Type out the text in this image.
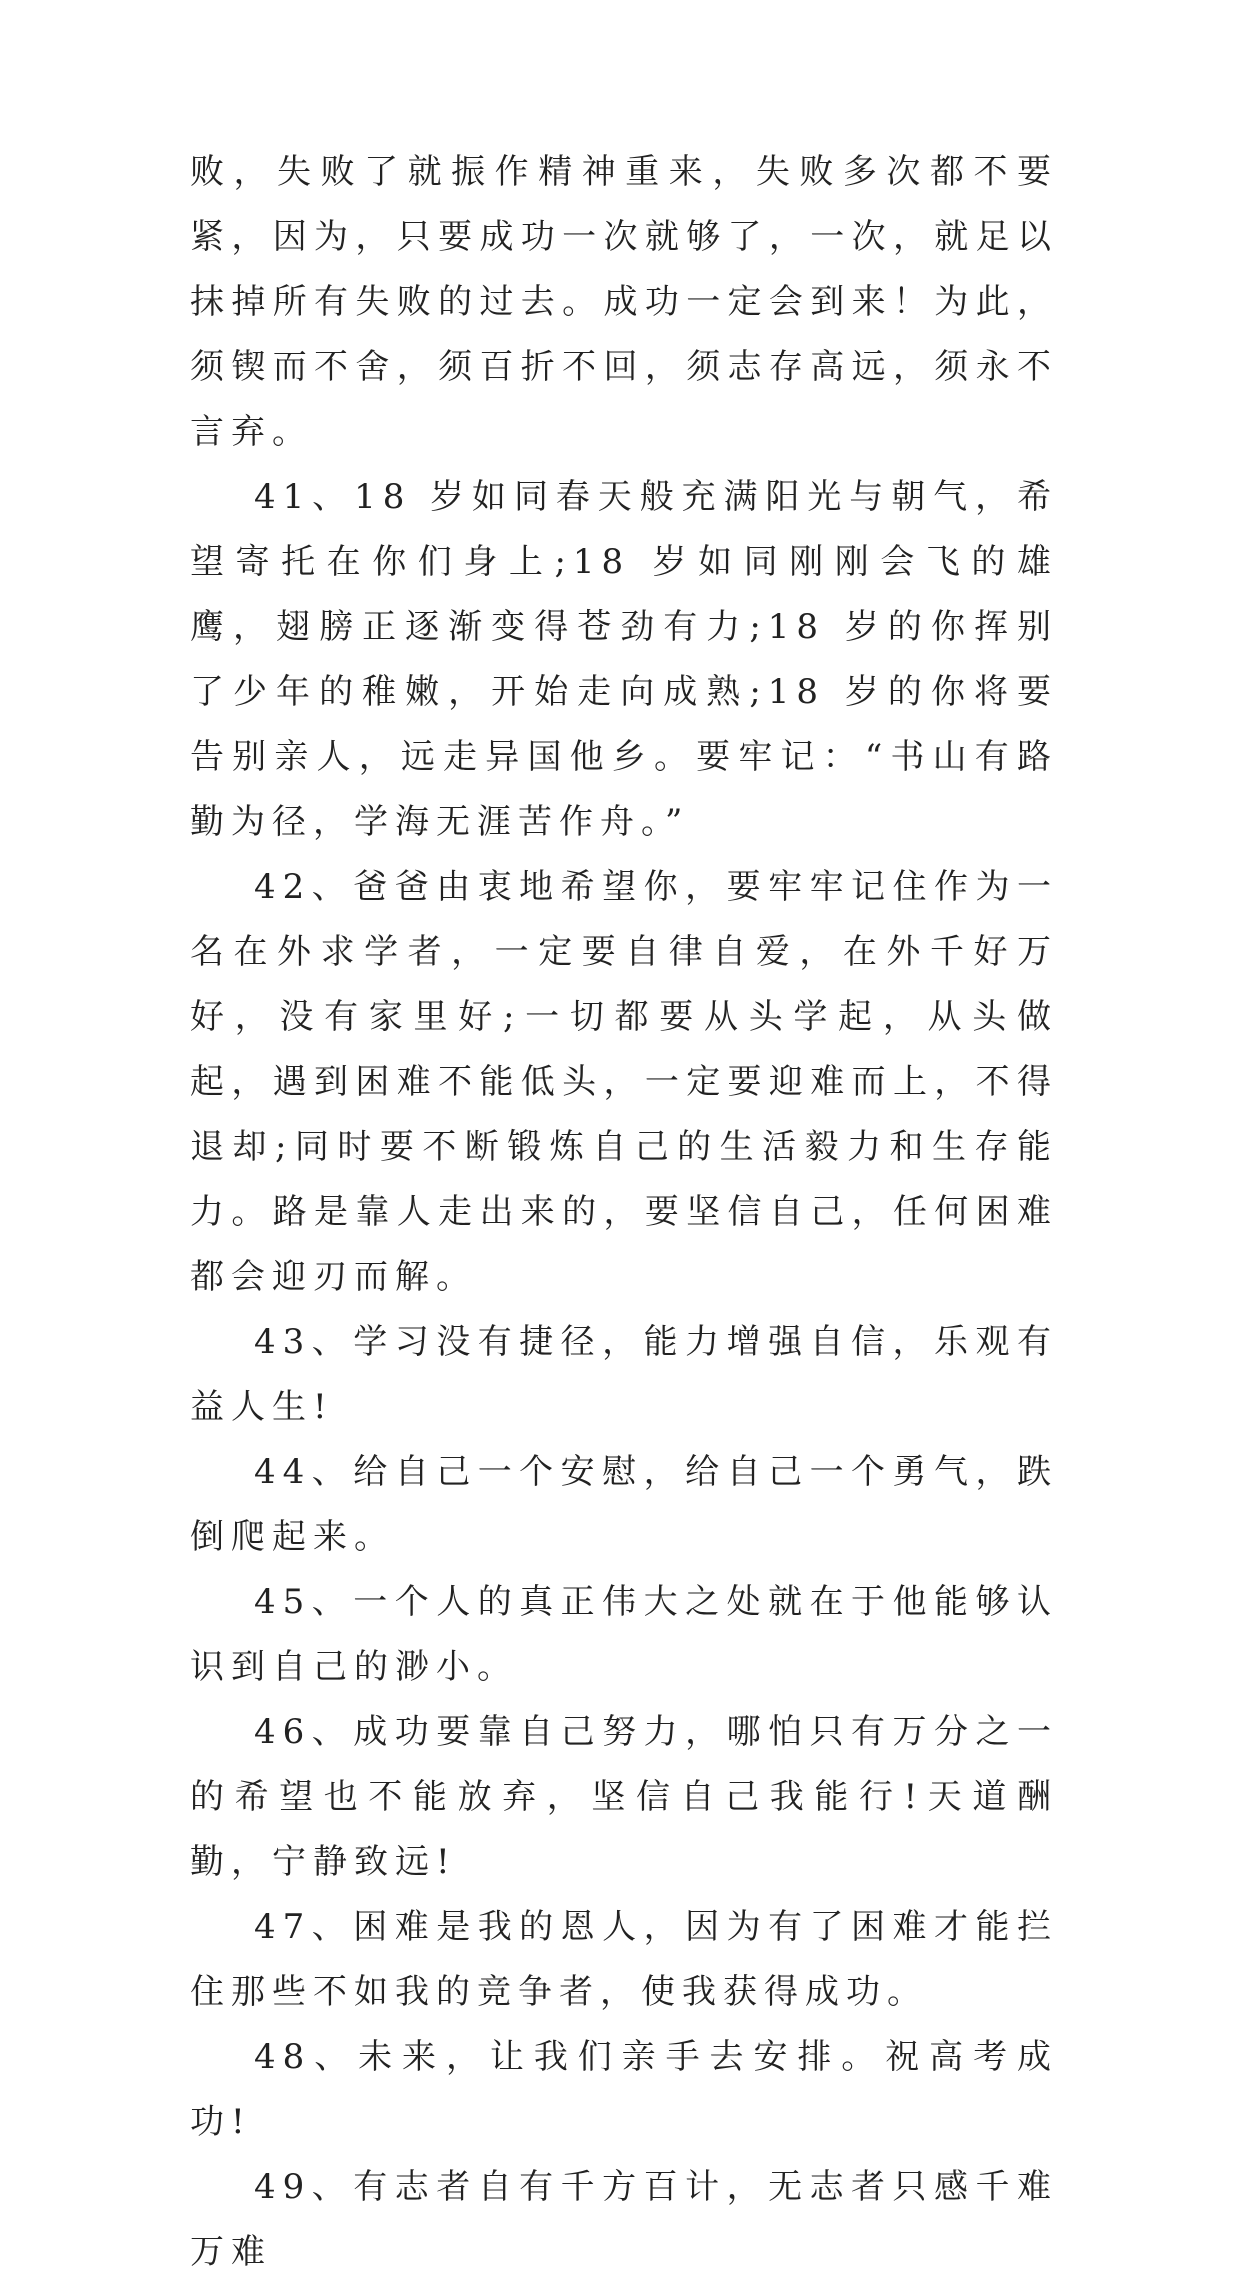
败，失败了就振作精神重来，失败多次都不要紧，因为，只要成功一次就够了，一次，就足以抹掉所有失败的过去。成功一定会到来！为此，须锲而不舍，须百折不回，须志存高远，须永不言弃。

41、18 岁如同春天般充满阳光与朝气，希望寄托在你们身上;18 岁如同刚刚会飞的雄鹰，翅膀正逐渐变得苍劲有力;18 岁的你挥别了少年的稚嫩，开始走向成熟;18 岁的你将要告别亲人，远走异国他乡。要牢记：“书山有路勤为径，学海无涯苦作舟。”

42、爸爸由衷地希望你，要牢牢记住作为一名在外求学者，一定要自律自爱，在外千好万好，没有家里好;一切都要从头学起，从头做起，遇到困难不能低头，一定要迎难而上，不得退却;同时要不断锻炼自己的生活毅力和生存能力。路是靠人走出来的，要坚信自己，任何困难都会迎刃而解。

43、学习没有捷径，能力增强自信，乐观有益人生!

44、给自己一个安慰，给自己一个勇气，跌倒爬起来。

45、一个人的真正伟大之处就在于他能够认识到自己的渺小。

46、成功要靠自己努力，哪怕只有万分之一的希望也不能放弃，坚信自己我能行!天道酬勤，宁静致远!

47、困难是我的恩人，因为有了困难才能拦住那些不如我的竞争者，使我获得成功。

48、未来，让我们亲手去安排。祝高考成功!

49、有志者自有千方百计，无志者只感千难万难
